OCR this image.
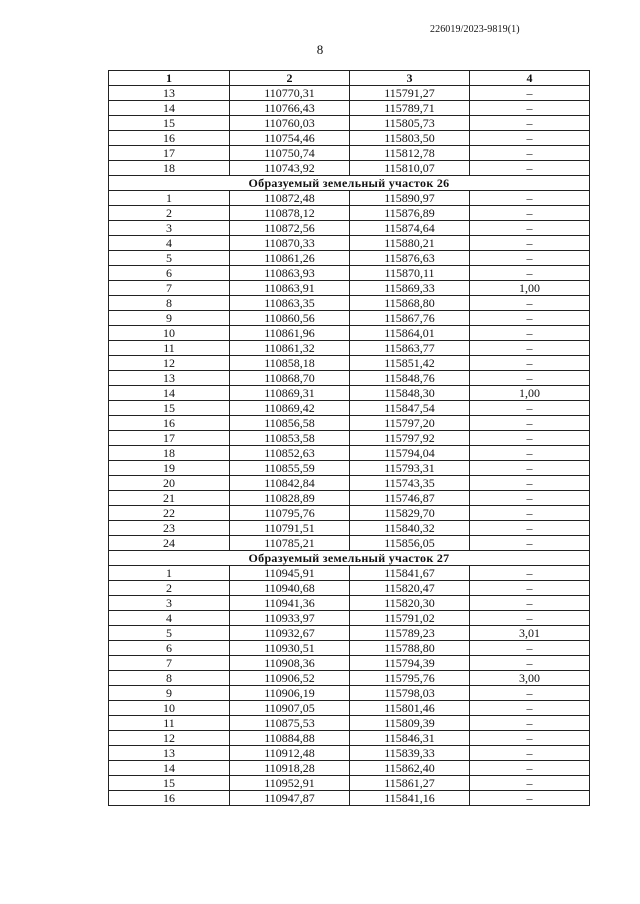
226019/2023-9819(1)
8
1	2	3	4
13	110770,31	115791,27	–
14	110766,43	115789,71	–
15	110760,03	115805,73	–
16	110754,46	115803,50	–
17	110750,74	115812,78	–
18	110743,92	115810,07	–
Образуемый земельный участок 26			
1	110872,48	115890,97	–
2	110878,12	115876,89	–
3	110872,56	115874,64	–
4	110870,33	115880,21	–
5	110861,26	115876,63	–
6	110863,93	115870,11	–
7	110863,91	115869,33	1,00
8	110863,35	115868,80	–
9	110860,56	115867,76	–
10	110861,96	115864,01	–
11	110861,32	115863,77	–
12	110858,18	115851,42	–
13	110868,70	115848,76	–
14	110869,31	115848,30	1,00
15	110869,42	115847,54	–
16	110856,58	115797,20	–
17	110853,58	115797,92	–
18	110852,63	115794,04	–
19	110855,59	115793,31	–
20	110842,84	115743,35	–
21	110828,89	115746,87	–
22	110795,76	115829,70	–
23	110791,51	115840,32	–
24	110785,21	115856,05	–
Образуемый земельный участок 27			
1	110945,91	115841,67	–
2	110940,68	115820,47	–
3	110941,36	115820,30	–
4	110933,97	115791,02	–
5	110932,67	115789,23	3,01
6	110930,51	115788,80	–
7	110908,36	115794,39	–
8	110906,52	115795,76	3,00
9	110906,19	115798,03	–
10	110907,05	115801,46	–
11	110875,53	115809,39	–
12	110884,88	115846,31	–
13	110912,48	115839,33	–
14	110918,28	115862,40	–
15	110952,91	115861,27	–
16	110947,87	115841,16	–
